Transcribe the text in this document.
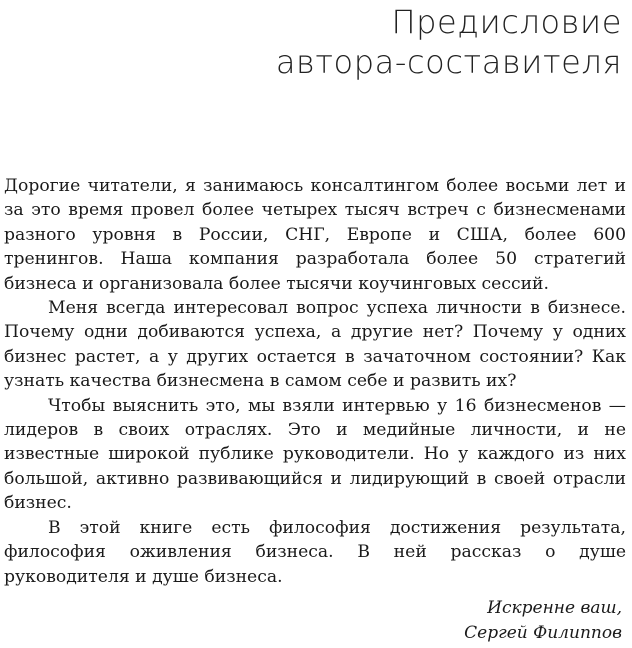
Предисловие
автора-составителя

Дорогие читатели, я занимаюсь консалтингом более восьми лет и за это время провел более четырех тысяч встреч с бизнесменами разного уровня в России, СНГ, Европе и США, более 600 тренингов. Наша компания разработала более 50 стратегий бизнеса и организовала более тысячи коучинговых сессий.

Меня всегда интересовал вопрос успеха личности в бизнесе. Почему одни добиваются успеха, а другие нет? Почему у одних бизнес растет, а у других остается в зачаточном состоянии? Как узнать качества бизнесмена в самом себе и развить их?

Чтобы выяснить это, мы взяли интервью у 16 бизнесменов — лидеров в своих отраслях. Это и медийные личности, и не известные широкой публике руководители. Но у каждого из них большой, активно развивающийся и лидирующий в своей отрасли бизнес.

В этой книге есть философия достижения результата, философия оживления бизнеса. В ней рассказ о душе руководителя и душе бизнеса.

Искренне ваш,
Сергей Филиппов
